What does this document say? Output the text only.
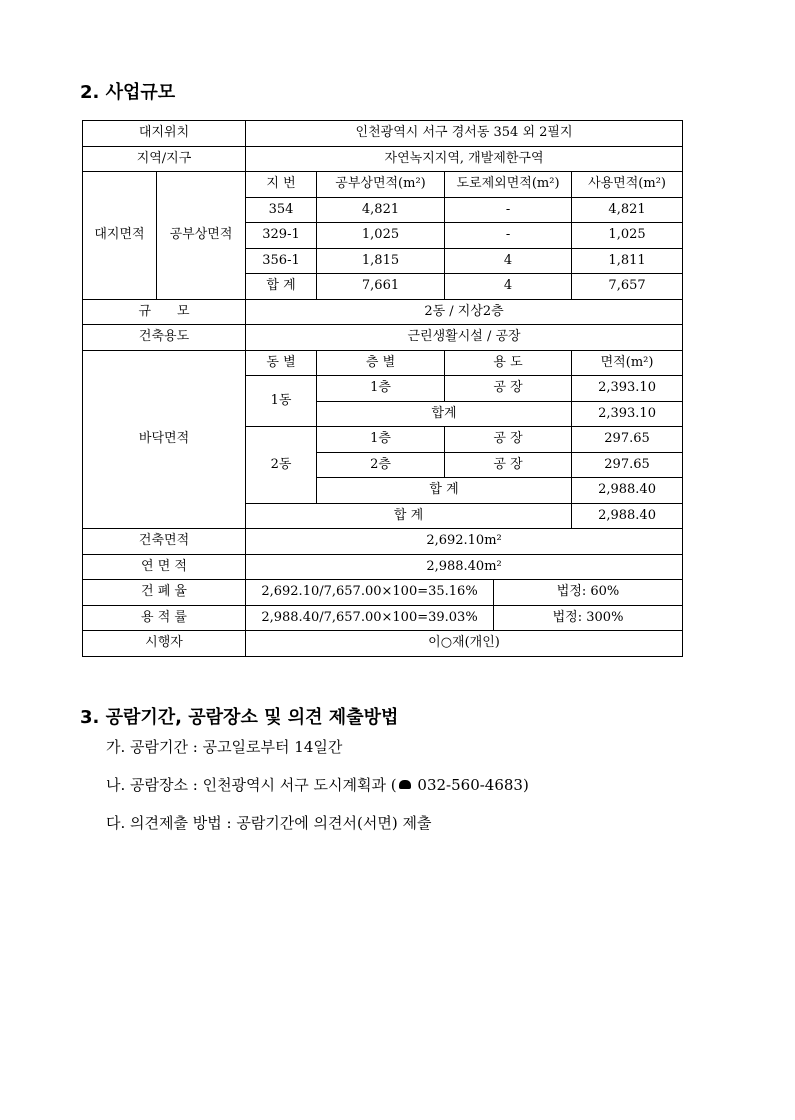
2. 사업규모
대지위치		인천광역시 서구 경서동 354 외 2필지				
지역/지구		자연녹지지역, 개발제한구역				
대지면적	공부상면적	지 번	공부상면적(m²)	도로제외면적(m²)		사용면적(m²)
		354	4,821	-		4,821
		329-1	1,025	-		1,025
		356-1	1,815	4		1,811
		합 계	7,661	4		7,657
규　　모		2동 / 지상2층				
건축용도		근린생활시설 / 공장				
바닥면적		동 별	층 별	용 도		면적(m²)
		1동	1층	공 장		2,393.10
			합계			2,393.10
		2동	1층	공 장		297.65
			2층	공 장		297.65
			합 계			2,988.40
		합 계				2,988.40
건축면적		2,692.10m²				
연 면 적		2,988.40m²				
건 폐 율		2,692.10/7,657.00×100=35.16%			법정: 60%	
용 적 률		2,988.40/7,657.00×100=39.03%			법정: 300%	
시행자		이○재(개인)				
3. 공람기간, 공람장소 및 의견 제출방법
가. 공람기간 : 공고일로부터 14일간
나. 공람장소 : 인천광역시 서구 도시계획과 ( 032-560-4683)
다. 의견제출 방법 : 공람기간에 의견서(서면) 제출
